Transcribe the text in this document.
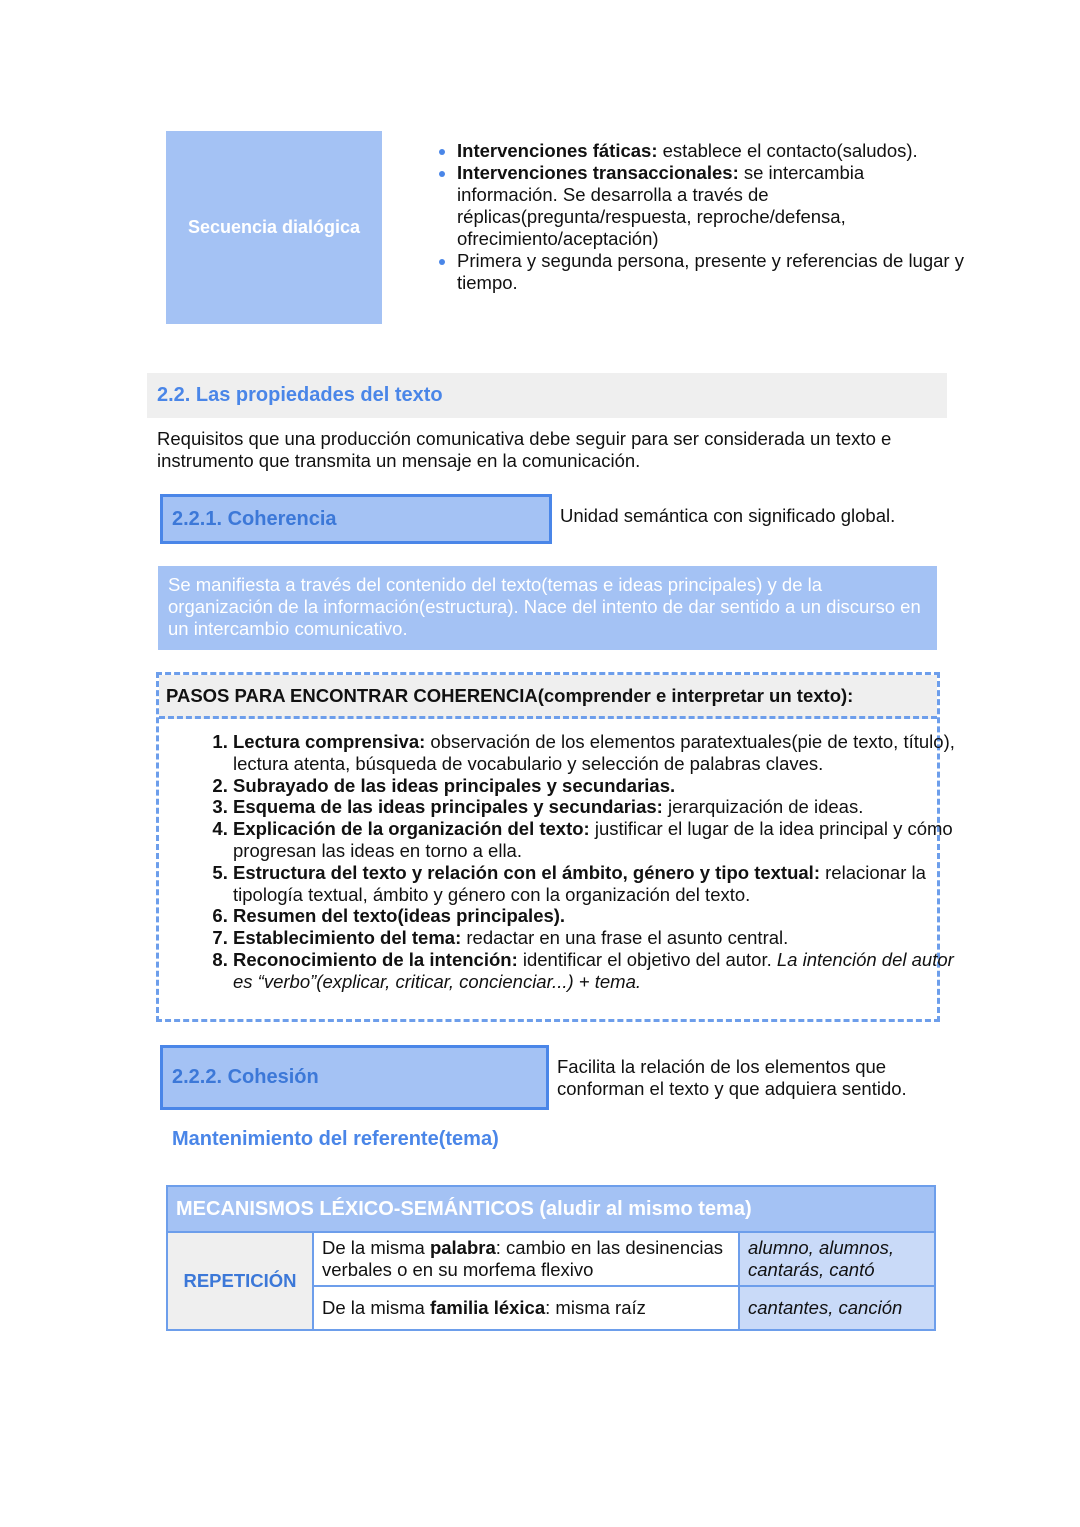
Secuencia dialógica
• Intervenciones fáticas: establece el contacto(saludos).
• Intervenciones transaccionales: se intercambia información. Se desarrolla a través de réplicas(pregunta/respuesta, reproche/defensa, ofrecimiento/aceptación)
• Primera y segunda persona, presente y referencias de lugar y tiempo.
2.2. Las propiedades del texto
Requisitos que una producción comunicativa debe seguir para ser considerada un texto e instrumento que transmita un mensaje en la comunicación.
2.2.1. Coherencia	Unidad semántica con significado global.
Se manifiesta a través del contenido del texto(temas e ideas principales) y de la organización de la información(estructura). Nace del intento de dar sentido a un discurso en un intercambio comunicativo.
PASOS PARA ENCONTRAR COHERENCIA(comprender e interpretar un texto):
1. Lectura comprensiva: observación de los elementos paratextuales(pie de texto, título), lectura atenta, búsqueda de vocabulario y selección de palabras claves.
2. Subrayado de las ideas principales y secundarias.
3. Esquema de las ideas principales y secundarias: jerarquización de ideas.
4. Explicación de la organización del texto: justificar el lugar de la idea principal y cómo progresan las ideas en torno a ella.
5. Estructura del texto y relación con el ámbito, género y tipo textual: relacionar la tipología textual, ámbito y género con la organización del texto.
6. Resumen del texto(ideas principales).
7. Establecimiento del tema: redactar en una frase el asunto central.
8. Reconocimiento de la intención: identificar el objetivo del autor. La intención del autor es “verbo”(explicar, criticar, concienciar...) + tema.
2.2.2. Cohesión	Facilita la relación de los elementos que conforman el texto y que adquiera sentido.
Mantenimiento del referente(tema)
MECANISMOS LÉXICO-SEMÁNTICOS (aludir al mismo tema)		
REPETICIÓN	De la misma palabra: cambio en las desinencias verbales o en su morfema flexivo	alumno, alumnos, cantarás, cantó
	De la misma familia léxica: misma raíz	cantantes, canción
